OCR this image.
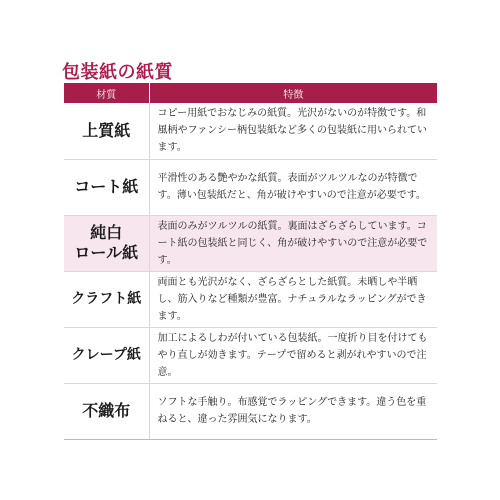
包装紙の紙質
材質	特徴

上質紙	コピー用紙でおなじみの紙質。光沢がないのが特徴です。和風柄やファンシー柄包装紙など多くの包装紙に用いられています。

コート紙	平滑性のある艶やかな紙質。表面がツルツルなのが特徴です。薄い包装紙だと、角が破けやすいので注意が必要です。

純白
ロール紙	表面のみがツルツルの紙質。裏面はざらざらしています。コート紙の包装紙と同じく、角が破けやすいので注意が必要です。

クラフト紙	両面とも光沢がなく、ざらざらとした紙質。未晒しや半晒し、筋入りなど種類が豊富。ナチュラルなラッピングができます。

クレープ紙	加工によるしわが付いている包装紙。一度折り目を付けてもやり直しが効きます。テープで留めると剥がれやすいので注意。

不織布	ソフトな手触り。布感覚でラッピングできます。違う色を重ねると、違った雰囲気になります。
